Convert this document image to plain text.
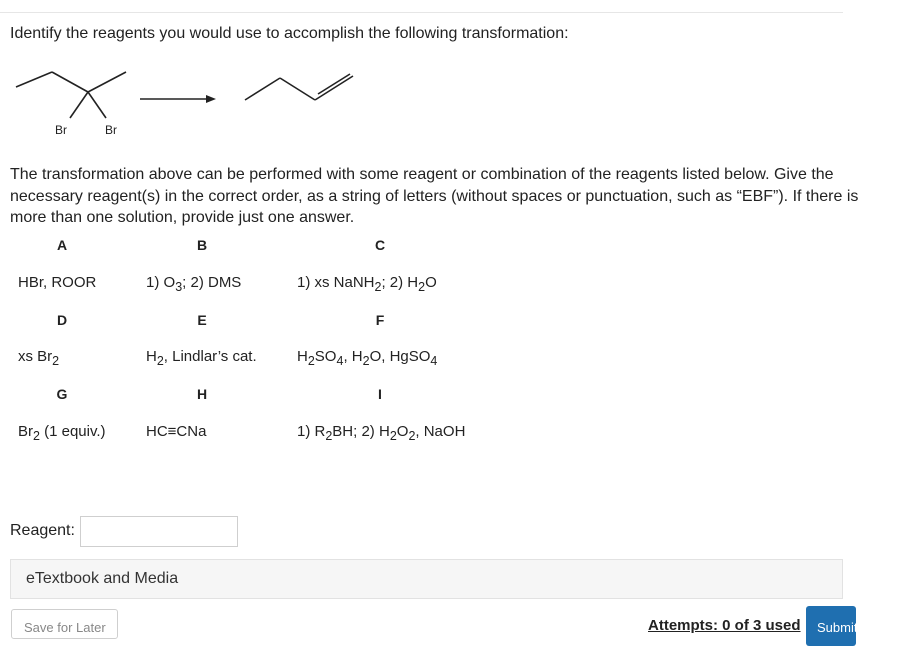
Identify the reagents you would use to accomplish the following transformation:
Br	Br
The transformation above can be performed with some reagent or combination of the reagents listed below. Give the necessary reagent(s) in the correct order, as a string of letters (without spaces or punctuation, such as “EBF”). If there is more than one solution, provide just one answer.
A
HBr, ROOR
B
1) $O_3$; 2) DMS
C
1) xs NaNH$_2$; 2) $H_2O$
D
xs $Br_2$
E
$H_2$, Lindlar’s cat.
F
$H_2SO_4$, $H_2O$, HgSO$_4$
G
$Br_2$ (1 equiv.)
H
HC≡CNa
I
1) $R_2BH$; 2) $H_2O_2$, NaOH
Reagent:
eTextbook and Media
Save for Later	Attempts: 0 of 3 used Submit Answer
